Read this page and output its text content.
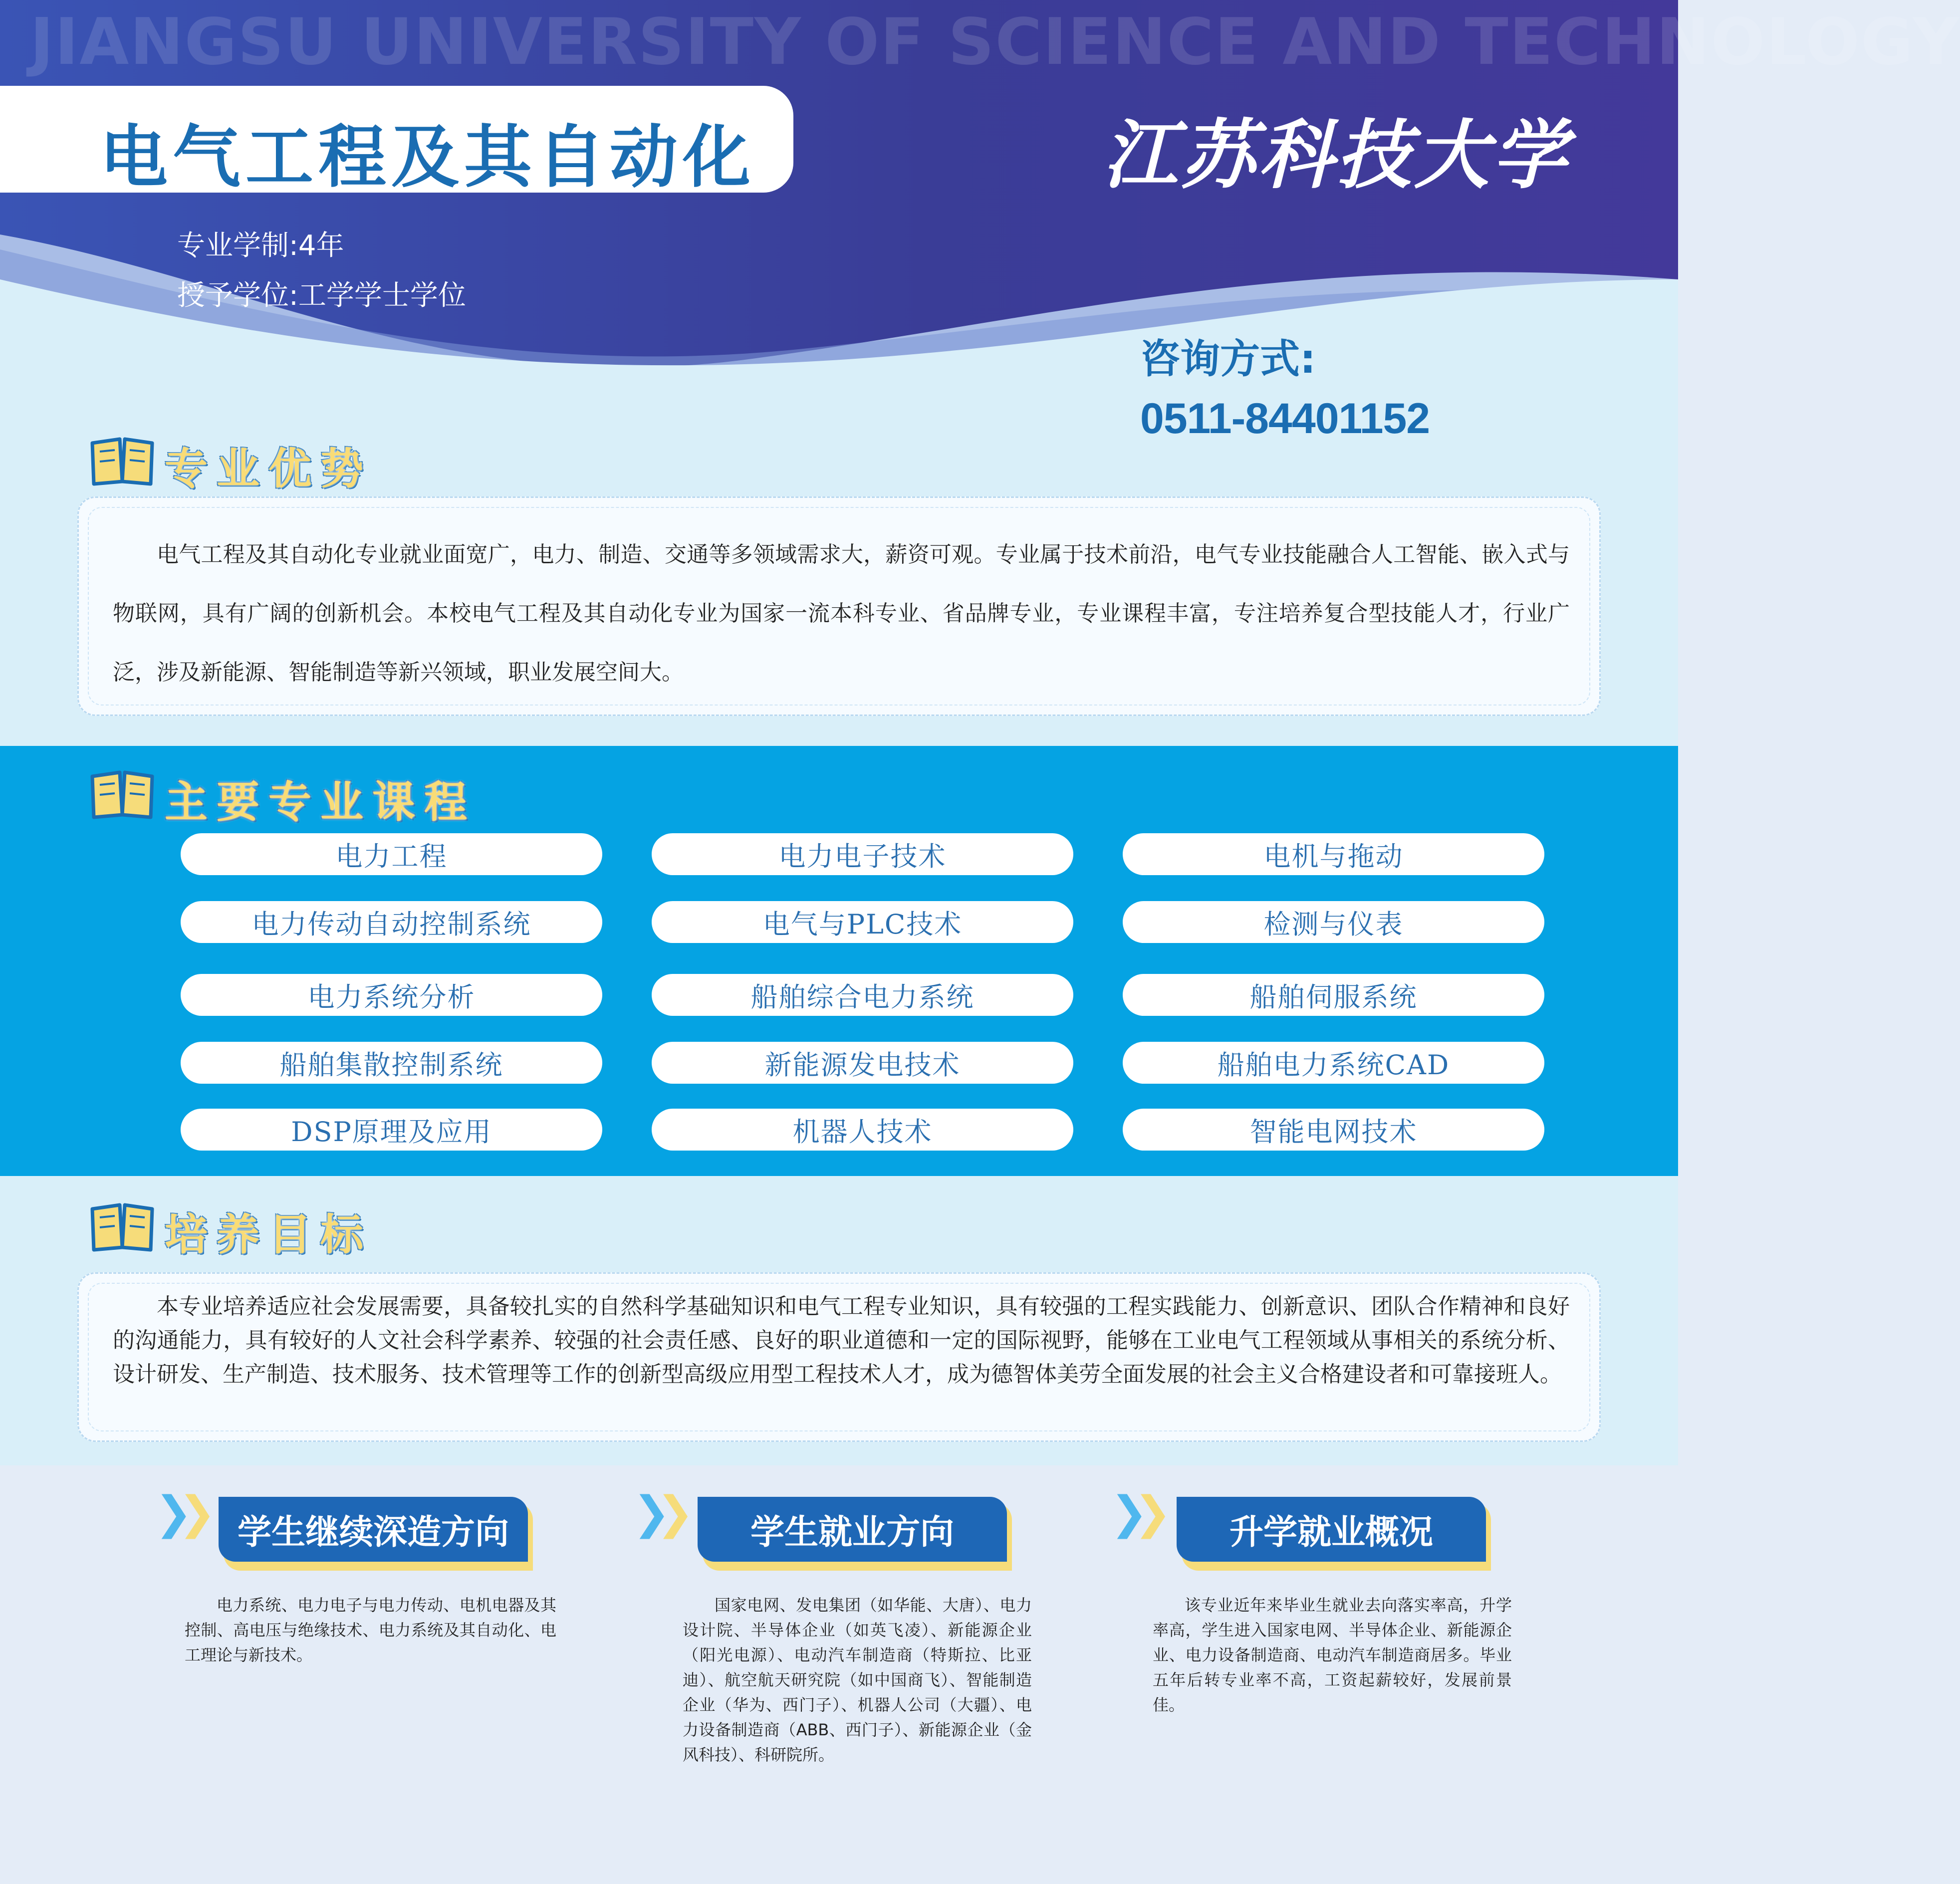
JIANGSU UNIVERSITY OF SCIENCE AND TECHNOLOGY
电气工程及其自动化	江苏科技大学
专业学制:4年
授予学位:工学学士学位
咨询方式:
0511-84401152
专业优势
电气工程及其自动化专业就业面宽广，电力、制造、交通等多领域需求大，薪资可观。专业属于技术前沿，电气专业技能融合人工智能、嵌入式与物联网，具有广阔的创新机会。本校电气工程及其自动化专业为国家一流本科专业、省品牌专业，专业课程丰富，专注培养复合型技能人才，行业广泛，涉及新能源、智能制造等新兴领域，职业发展空间大。
主要专业课程
电力工程	电力电子技术	电机与拖动
电力传动自动控制系统	电气与PLC技术	检测与仪表
电力系统分析	船舶综合电力系统	船舶伺服系统
船舶集散控制系统	新能源发电技术	船舶电力系统CAD
DSP原理及应用	机器人技术	智能电网技术
培养目标
本专业培养适应社会发展需要，具备较扎实的自然科学基础知识和电气工程专业知识，具有较强的工程实践能力、创新意识、团队合作精神和良好的沟通能力，具有较好的人文社会科学素养、较强的社会责任感、良好的职业道德和一定的国际视野，能够在工业电气工程领域从事相关的系统分析、设计研发、生产制造、技术服务、技术管理等工作的创新型高级应用型工程技术人才，成为德智体美劳全面发展的社会主义合格建设者和可靠接班人。
❯❯	学生继续深造方向
电力系统、电力电子与电力传动、电机电器及其控制、高电压与绝缘技术、电力系统及其自动化、电工理论与新技术。
❯❯	学生就业方向
国家电网、发电集团（如华能、大唐）、电力设计院、半导体企业（如英飞凌）、新能源企业（阳光电源）、电动汽车制造商（特斯拉、比亚迪）、航空航天研究院（如中国商飞）、智能制造企业（华为、西门子）、机器人公司（大疆）、电力设备制造商（ABB、西门子）、新能源企业（金风科技）、科研院所。
❯❯	升学就业概况
该专业近年来毕业生就业去向落实率高，升学率高，学生进入国家电网、半导体企业、新能源企业、电力设备制造商、电动汽车制造商居多。毕业五年后转专业率不高，工资起薪较好，发展前景佳。
